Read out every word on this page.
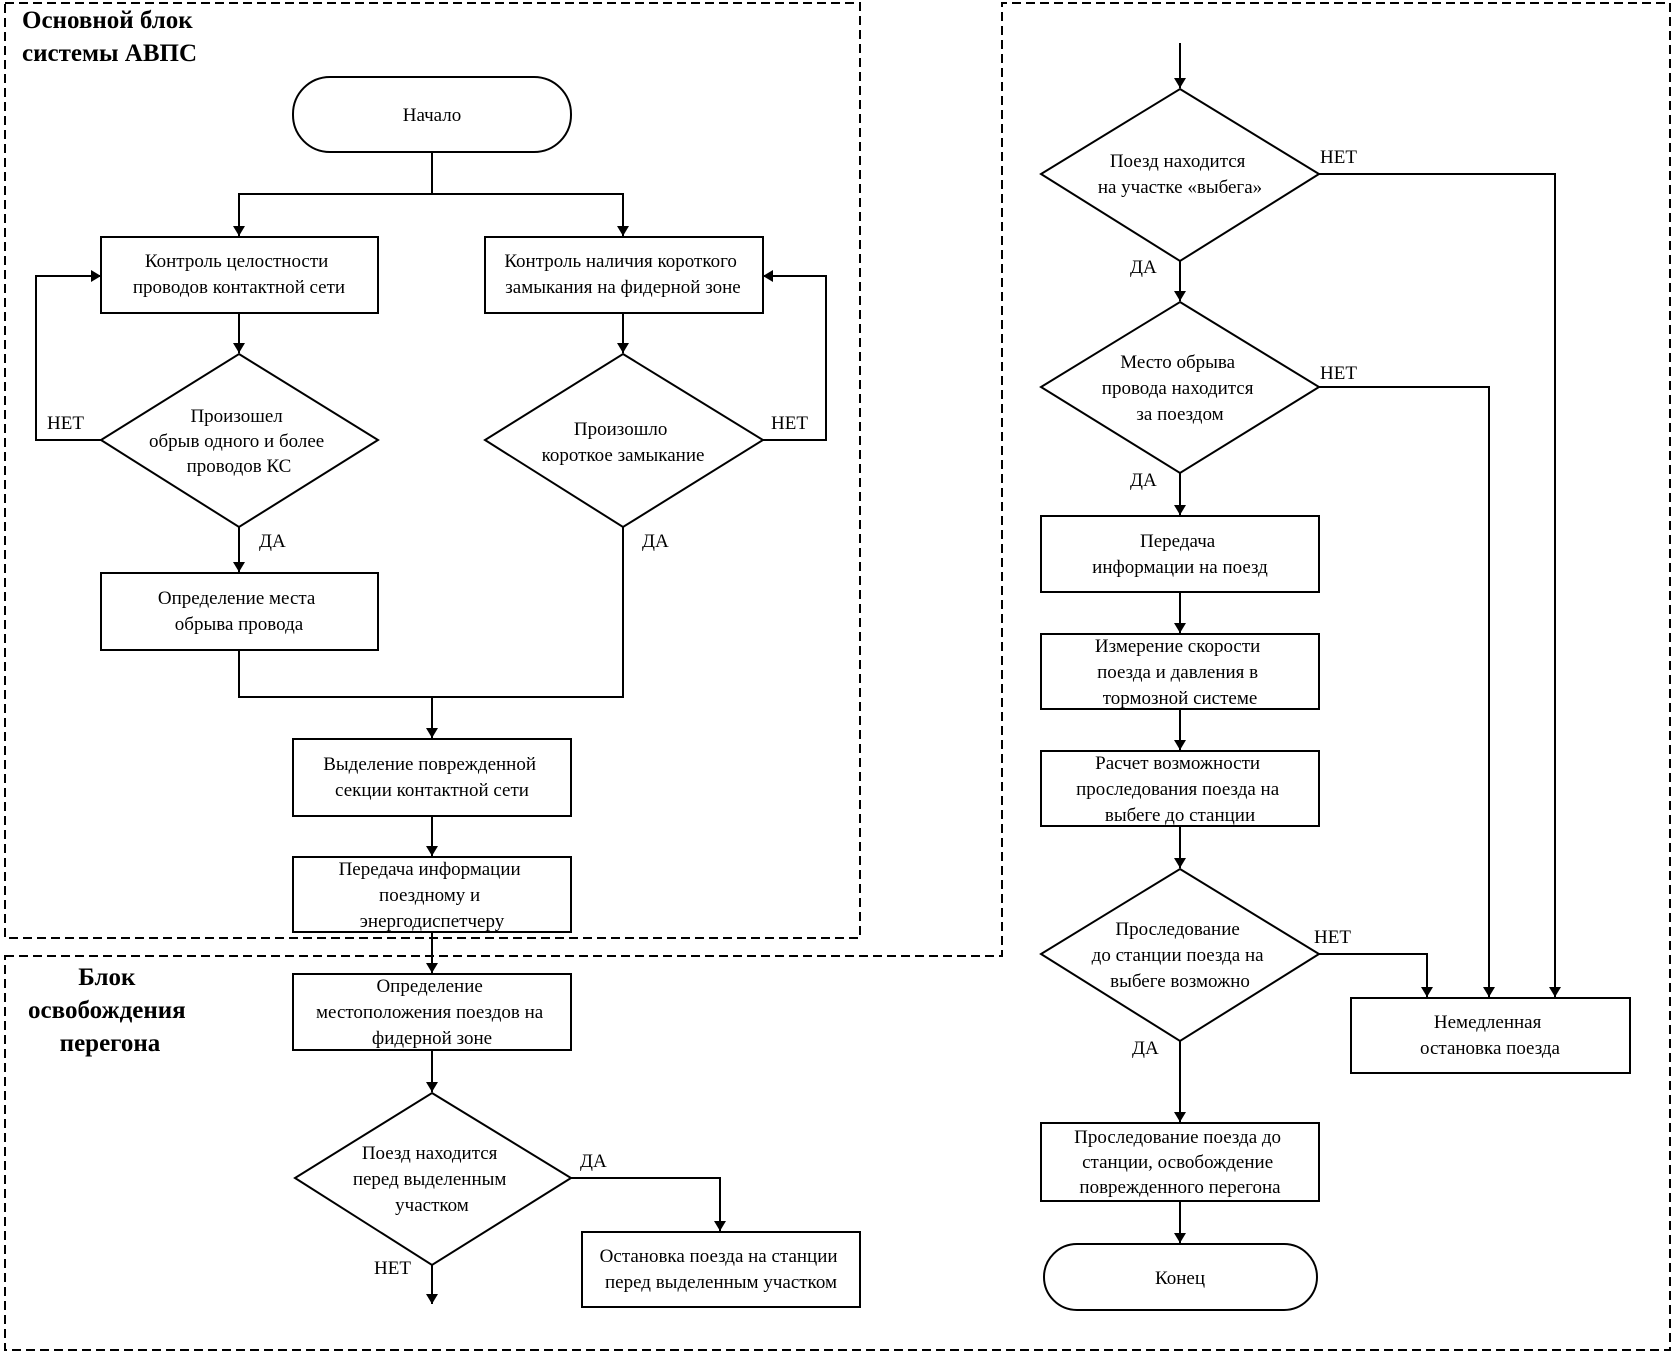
Основной блок системы АВПС
Блок освобождения перегона
Начало
Контроль целостности проводов контактной сети
Контроль наличия короткого замыкания на фидерной зоне
Произошел обрыв одного и более проводов КС
Произошло короткое замыкание
Определение места обрыва провода
Выделение поврежденной секции контактной сети
Передача информации поездному и энергодиспетчеру
Определение местоположения поездов на фидерной зоне
Поезд находится перед выделенным участком
Остановка поезда на станции перед выделенным участком
Поезд находится на участке «выбега»
Место обрыва провода находится за поездом
Передача информации на поезд
Измерение скорости поезда и давления в тормозной системе
Расчет возможности проследования поезда на выбеге до станции
Проследование до станции поезда на выбеге возможно
Немедленная остановка поезда
Проследование поезда до станции, освобождение поврежденного перегона
Конец
НЕТ
ДА
НЕТ
ДА
ДА
НЕТ
НЕТ
ДА
НЕТ
ДА
НЕТ
ДА
